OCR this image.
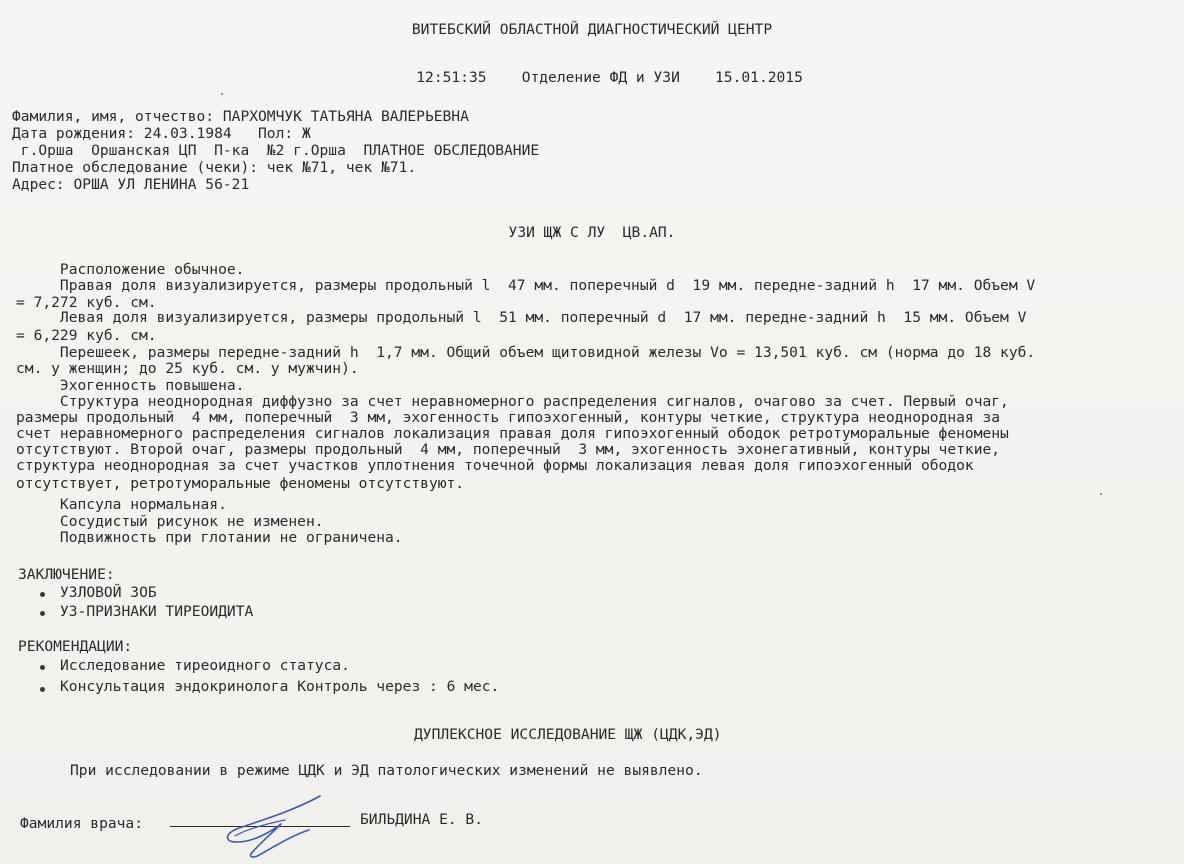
ВИТЕБСКИЙ ОБЛАСТНОЙ ДИАГНОСТИЧЕСКИЙ ЦЕНТР

12:51:35 Отделение ФД и УЗИ 15.01.2015

Фамилия, имя, отчество: ПАРХОМЧУК ТАТЬЯНА ВАЛЕРЬЕВНА
Дата рождения: 24.03.1984   Пол: Ж
г.Орша  Оршанская ЦП  П-ка  №2 г.Орша  ПЛАТНОЕ ОБСЛЕДОВАНИЕ
Платное обследование (чеки): чек №71, чек №71.
Адрес: ОРША УЛ ЛЕНИНА 56-21
УЗИ ЩЖ С ЛУ  ЦВ.АП.
Расположение обычное.
Правая доля визуализируется, размеры продольный l  47 мм. поперечный d  19 мм. передне-задний h  17 мм. Объем V
= 7,272 куб. см.
Левая доля визуализируется, размеры продольный l  51 мм. поперечный d  17 мм. передне-задний h  15 мм. Объем V
= 6,229 куб. см.
Перешеек, размеры передне-задний h  1,7 мм. Общий объем щитовидной железы Vo = 13,501 куб. см (норма до 18 куб.
см. у женщин; до 25 куб. см. у мужчин).
Эхогенность повышена.
Структура неоднородная диффузно за счет неравномерного распределения сигналов, очагово за счет. Первый очаг,
размеры продольный  4 мм, поперечный  3 мм, эхогенность гипоэхогенный, контуры четкие, структура неоднородная за
счет неравномерного распределения сигналов локализация правая доля гипоэхогенный ободок ретротуморальные феномены
отсутствуют. Второй очаг, размеры продольный  4 мм, поперечный  3 мм, эхогенность эхонегативный, контуры четкие,
структура неоднородная за счет участков уплотнения точечной формы локализация левая доля гипоэхогенный ободок
отсутствует, ретротуморальные феномены отсутствуют.
Капсула нормальная.
Сосудистый рисунок не изменен.
Подвижность при глотании не ограничена.
ЗАКЛЮЧЕНИЕ:
УЗЛОВОЙ ЗОБ
УЗ-ПРИЗНАКИ ТИРЕОИДИТА
РЕКОМЕНДАЦИИ:
Исследование тиреоидного статуса.
Консультация эндокринолога Контроль через : 6 мес.
ДУПЛЕКСНОЕ ИССЛЕДОВАНИЕ ЩЖ (ЦДК,ЭД)
При исследовании в режиме ЦДК и ЭД патологических изменений не выявлено.
Фамилия врача:	БИЛЬДИНА Е. В.
